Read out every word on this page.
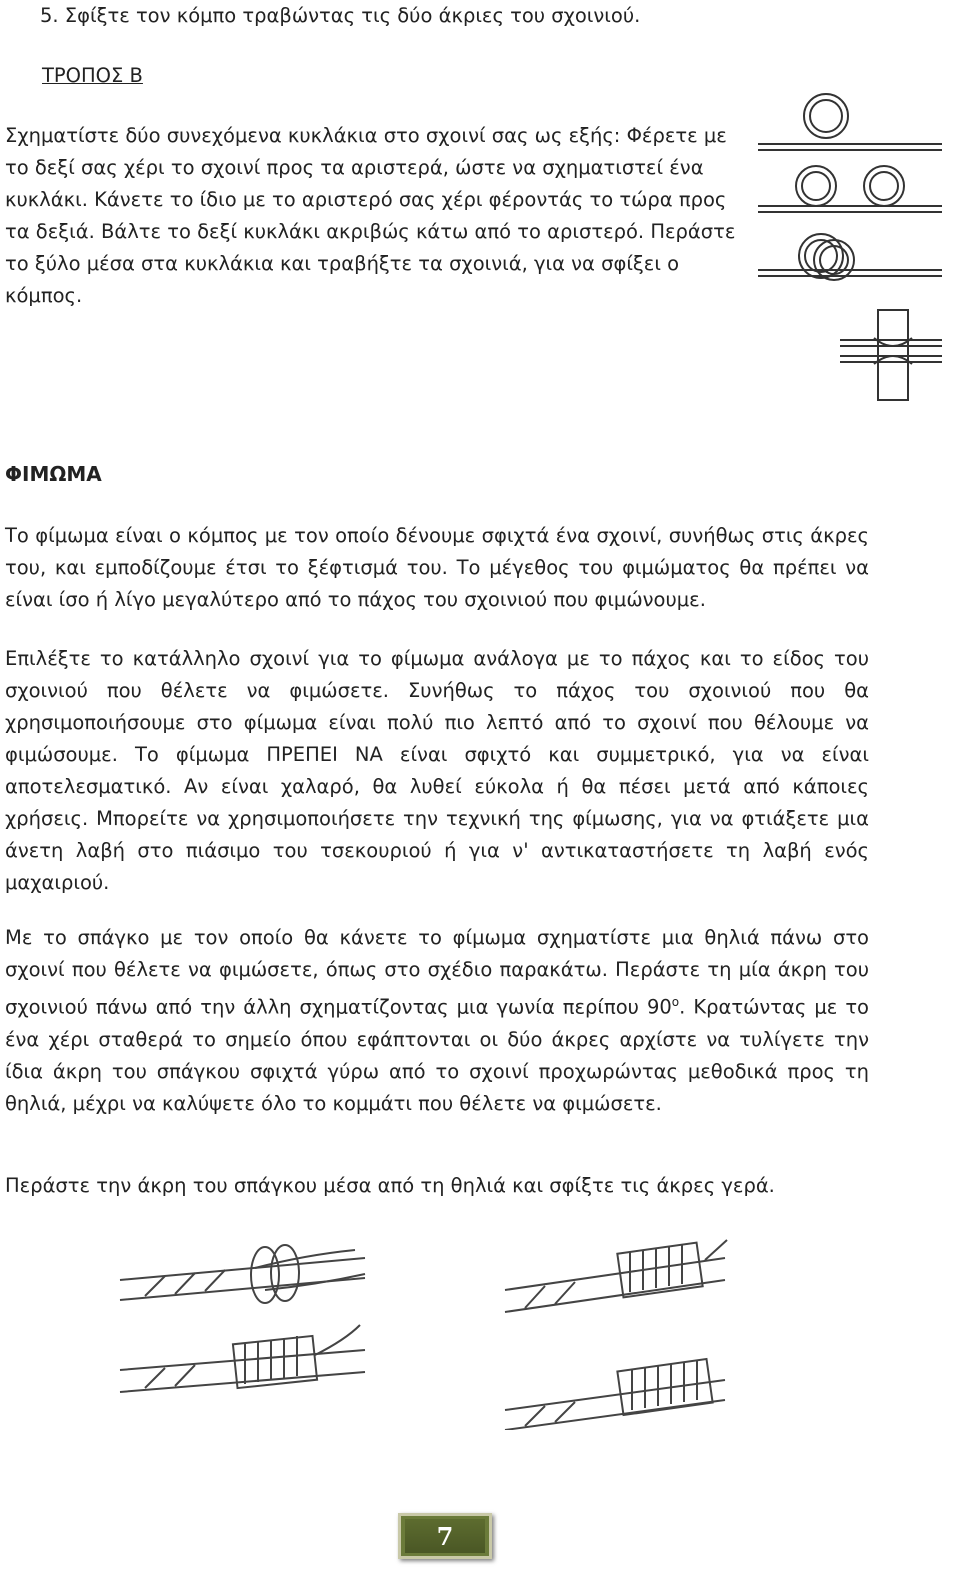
5. Σφίξτε τον κόμπο τραβώντας τις δύο άκριες του σχοινιού.

ΤΡΟΠΟΣ Β

Σχηματίστε δύο συνεχόμενα κυκλάκια στο σχοινί σας ως εξής: Φέρετε με το δεξί σας χέρι το σχοινί προς τα αριστερά, ώστε να σχηματιστεί ένα κυκλάκι. Κάνετε το ίδιο με το αριστερό σας χέρι φέροντάς το τώρα προς τα δεξιά. Βάλτε το δεξί κυκλάκι ακριβώς κάτω από το αριστερό. Περάστε το ξύλο μέσα στα κυκλάκια και τραβήξτε τα σχοινιά, για να σφίξει ο κόμπος.

ΦΙΜΩΜΑ

Το φίμωμα είναι ο κόμπος με τον οποίο δένουμε σφιχτά ένα σχοινί, συνήθως στις άκρες του, και εμποδίζουμε έτσι το ξέφτισμά του. Το μέγεθος του φιμώματος θα πρέπει να είναι ίσο ή λίγο μεγαλύτερο από το πάχος του σχοινιού που φιμώνουμε.

Επιλέξτε το κατάλληλο σχοινί για το φίμωμα ανάλογα με το πάχος και το είδος του σχοινιού που θέλετε να φιμώσετε. Συνήθως το πάχος του σχοινιού που θα χρησιμοποιήσουμε στο φίμωμα είναι πολύ πιο λεπτό από το σχοινί που θέλουμε να φιμώσουμε. Το φίμωμα ΠΡΕΠΕΙ ΝΑ είναι σφιχτό και συμμετρικό, για να είναι αποτελεσματικό. Αν είναι χαλαρό, θα λυθεί εύκολα ή θα πέσει μετά από κάποιες χρήσεις. Μπορείτε να χρησιμοποιήσετε την τεχνική της φίμωσης, για να φτιάξετε μια άνετη λαβή στο πιάσιμο του τσεκουριού ή για ν' αντικαταστήσετε τη λαβή ενός μαχαιριού.

Με το σπάγκο με τον οποίο θα κάνετε το φίμωμα σχηματίστε μια θηλιά πάνω στο σχοινί που θέλετε να φιμώσετε, όπως στο σχέδιο παρακάτω. Περάστε τη μία άκρη του σχοινιού πάνω από την άλλη σχηματίζοντας μια γωνία περίπου $90^o$. Κρατώντας με το ένα χέρι σταθερά το σημείο όπου εφάπτονται οι δύο άκρες αρχίστε να τυλίγετε την ίδια άκρη του σπάγκου σφιχτά γύρω από το σχοινί προχωρώντας μεθοδικά προς τη θηλιά, μέχρι να καλύψετε όλο το κομμάτι που θέλετε να φιμώσετε.

Περάστε την άκρη του σπάγκου μέσα από τη θηλιά και σφίξτε τις άκρες γερά.

7
